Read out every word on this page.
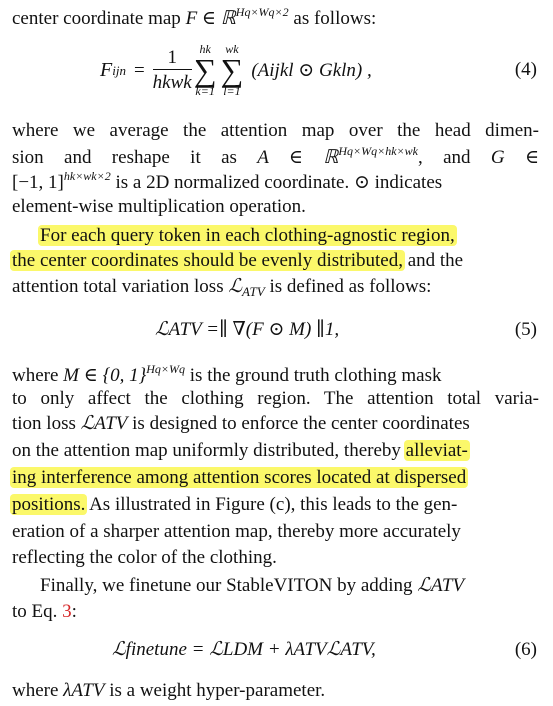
center coordinate map F ∈ ℝ$^{Hq\times Wq\times 2}$ as follows:
F ijn = $\frac{1}{\text{hkwk}}$ hk
∑
k=1
wk
∑
l=1
(Aijkl ⊙ Gkln) ,	(4)
where we average the attention map over the head dimen-
sion and reshape it as A ∈ ℝ$^{Hq\times Wq\times hk\times wk}$, and G ∈
[−1, 1]$^{hk\times wk\times 2}$ is a 2D normalized coordinate. ⊙ indicates
element-wise multiplication operation.
For each query token in each clothing-agnostic region,
the center coordinates should be evenly distributed, and the
attention total variation loss ℒ$_{ATV}$ is defined as follows:
ℒATV =∥ ∇(F ⊙ M) ∥1,	(5)
where M ∈ {0, 1}$^{Hq\times Wq}$ is the ground truth clothing mask
to only affect the clothing region. The attention total varia-
tion loss ℒATV is designed to enforce the center coordinates
on the attention map uniformly distributed, thereby alleviat-
ing interference among attention scores located at dispersed
positions. As illustrated in Figure (c), this leads to the gen-
eration of a sharper attention map, thereby more accurately
reflecting the color of the clothing.
Finally, we finetune our StableVITON by adding ℒATV
to Eq. 3:
ℒfinetune = ℒLDM + λATVℒATV,	(6)
where λATV is a weight hyper-parameter.
